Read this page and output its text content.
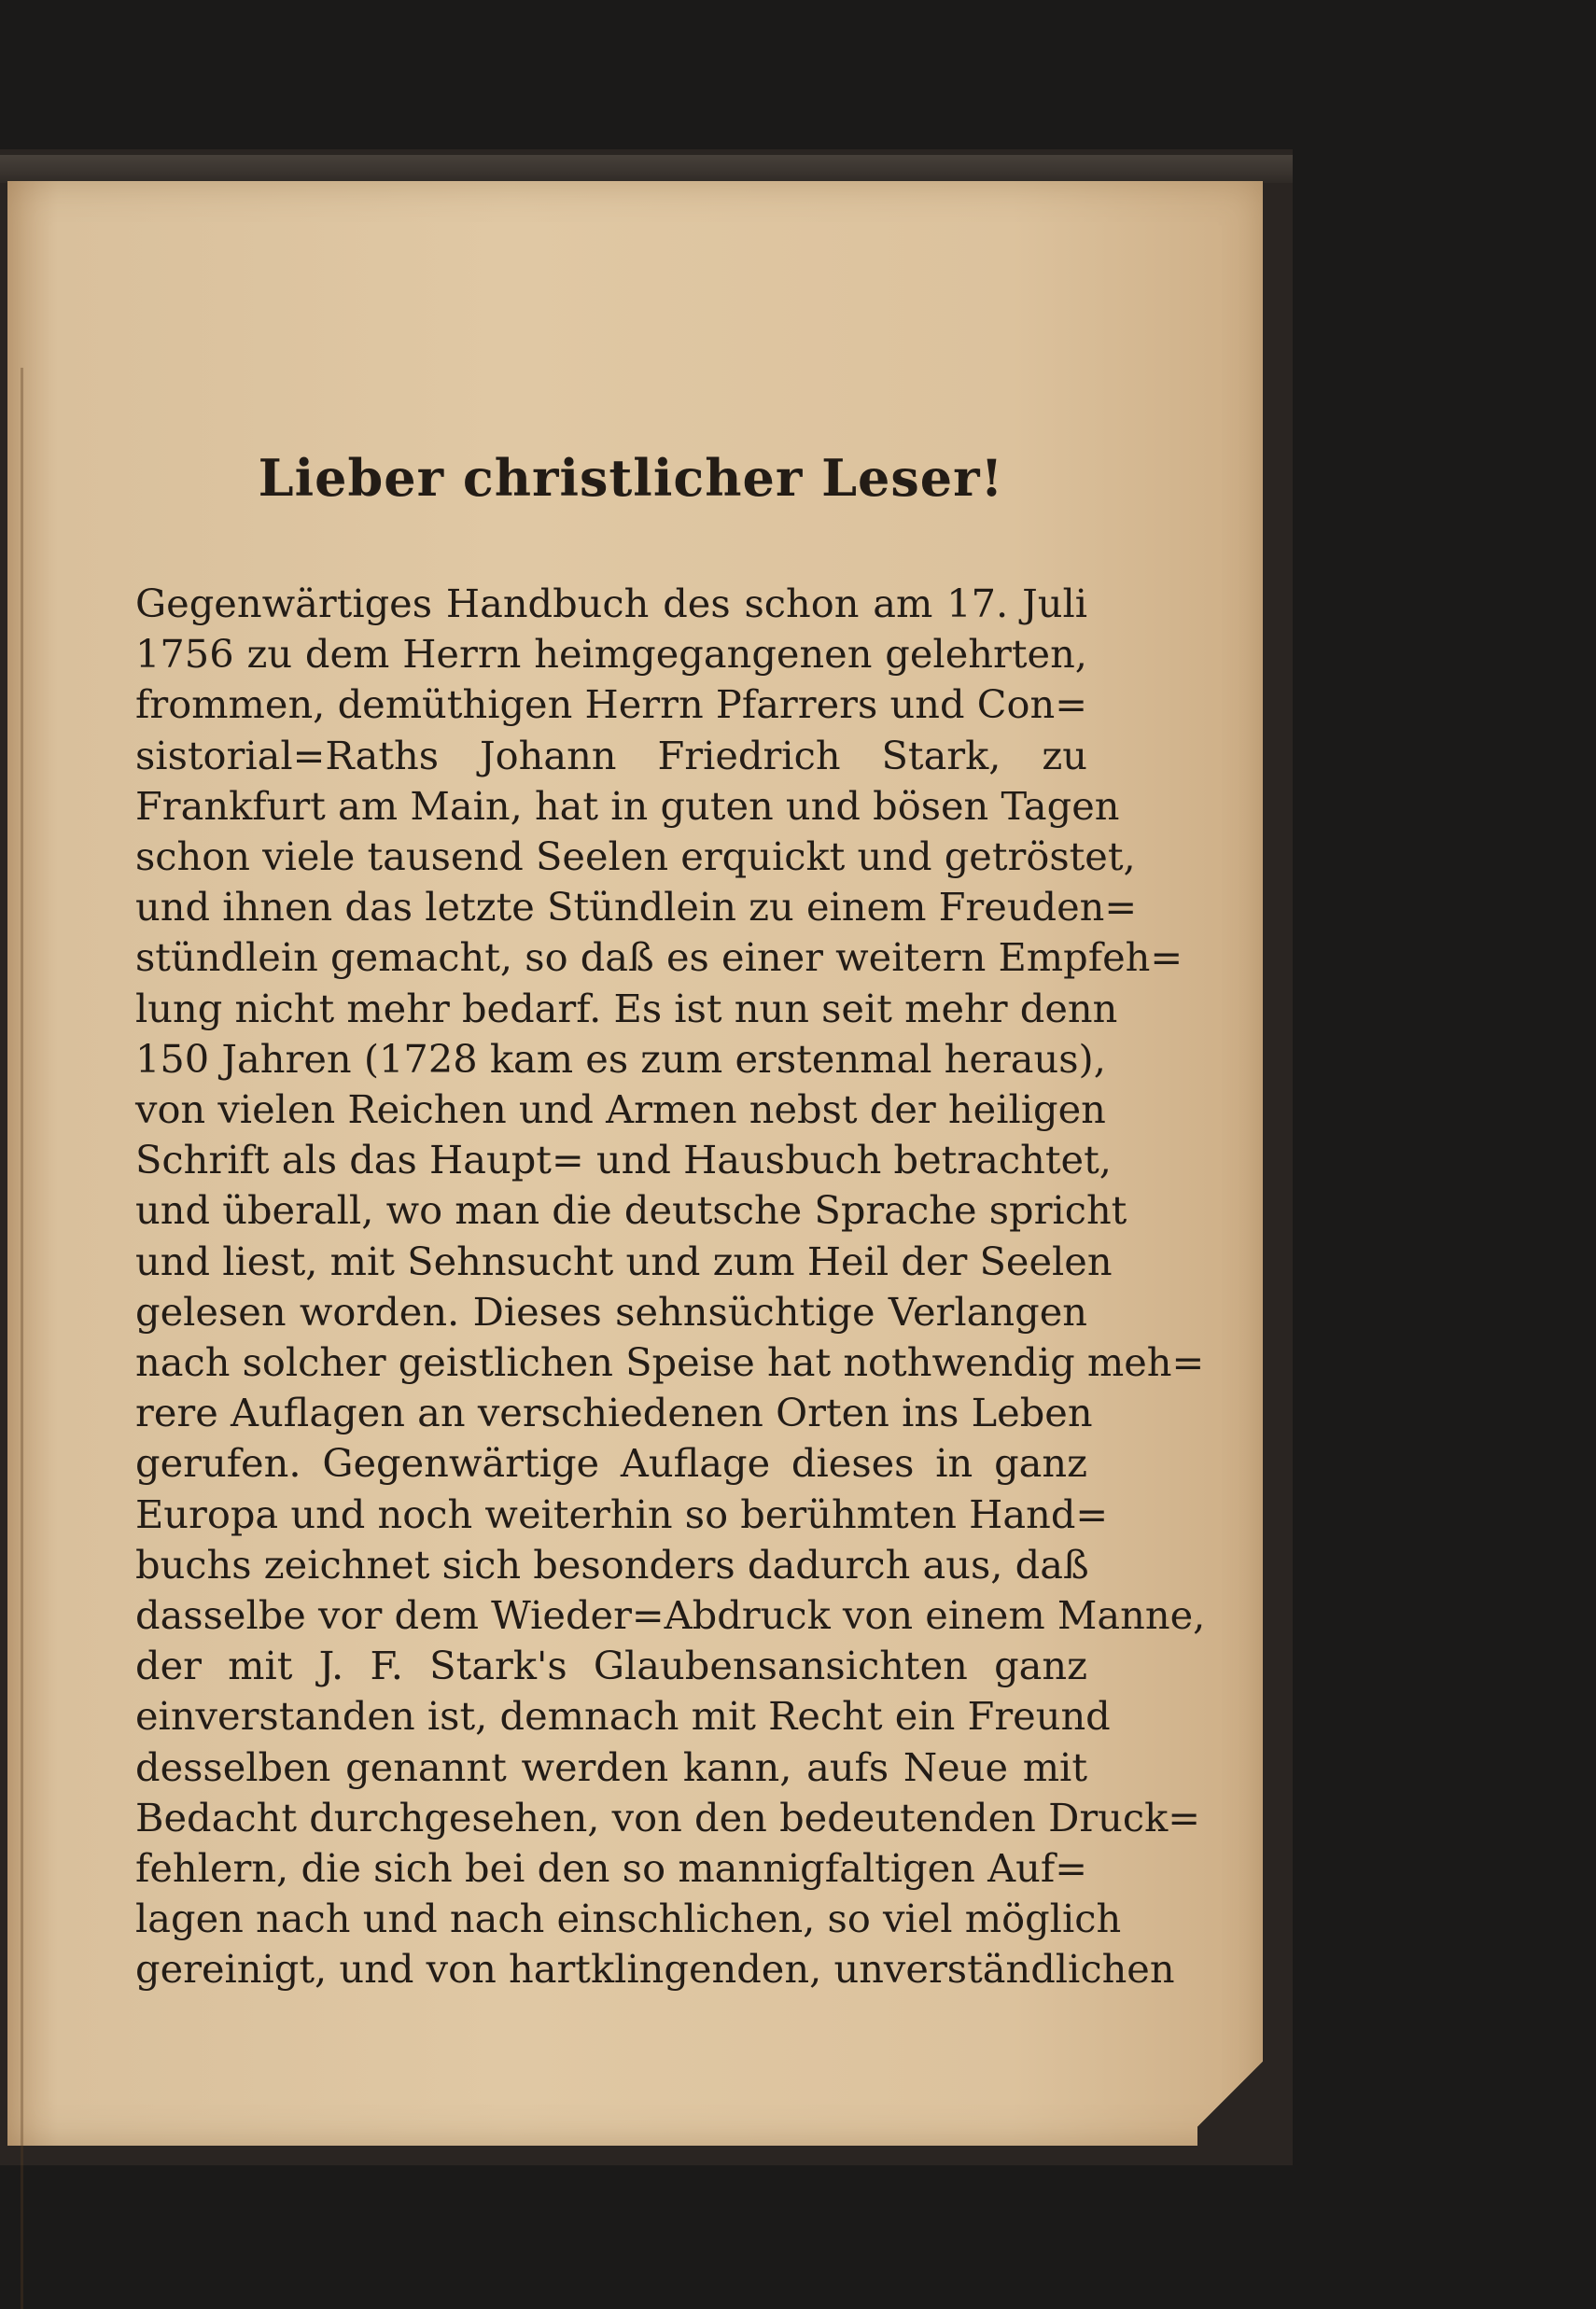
Lieber christlicher Leser!
Gegenwärtiges Handbuch des schon am 17. Juli
1756 zu dem Herrn heimgegangenen gelehrten,
frommen, demüthigen Herrn Pfarrers und Con=
sistorial=Raths Johann Friedrich Stark, zu
Frankfurt am Main, hat in guten und bösen Tagen
schon viele tausend Seelen erquickt und getröstet,
und ihnen das letzte Stündlein zu einem Freuden=
stündlein gemacht, so daß es einer weitern Empfeh=
lung nicht mehr bedarf. Es ist nun seit mehr denn
150 Jahren (1728 kam es zum erstenmal heraus),
von vielen Reichen und Armen nebst der heiligen
Schrift als das Haupt= und Hausbuch betrachtet,
und überall, wo man die deutsche Sprache spricht
und liest, mit Sehnsucht und zum Heil der Seelen
gelesen worden. Dieses sehnsüchtige Verlangen
nach solcher geistlichen Speise hat nothwendig meh=
rere Auflagen an verschiedenen Orten ins Leben
gerufen. Gegenwärtige Auflage dieses in ganz
Europa und noch weiterhin so berühmten Hand=
buchs zeichnet sich besonders dadurch aus, daß
dasselbe vor dem Wieder=Abdruck von einem Manne,
der mit J. F. Stark's Glaubensansichten ganz
einverstanden ist, demnach mit Recht ein Freund
desselben genannt werden kann, aufs Neue mit
Bedacht durchgesehen, von den bedeutenden Druck=
fehlern, die sich bei den so mannigfaltigen Auf=
lagen nach und nach einschlichen, so viel möglich
gereinigt, und von hartklingenden, unverständlichen
